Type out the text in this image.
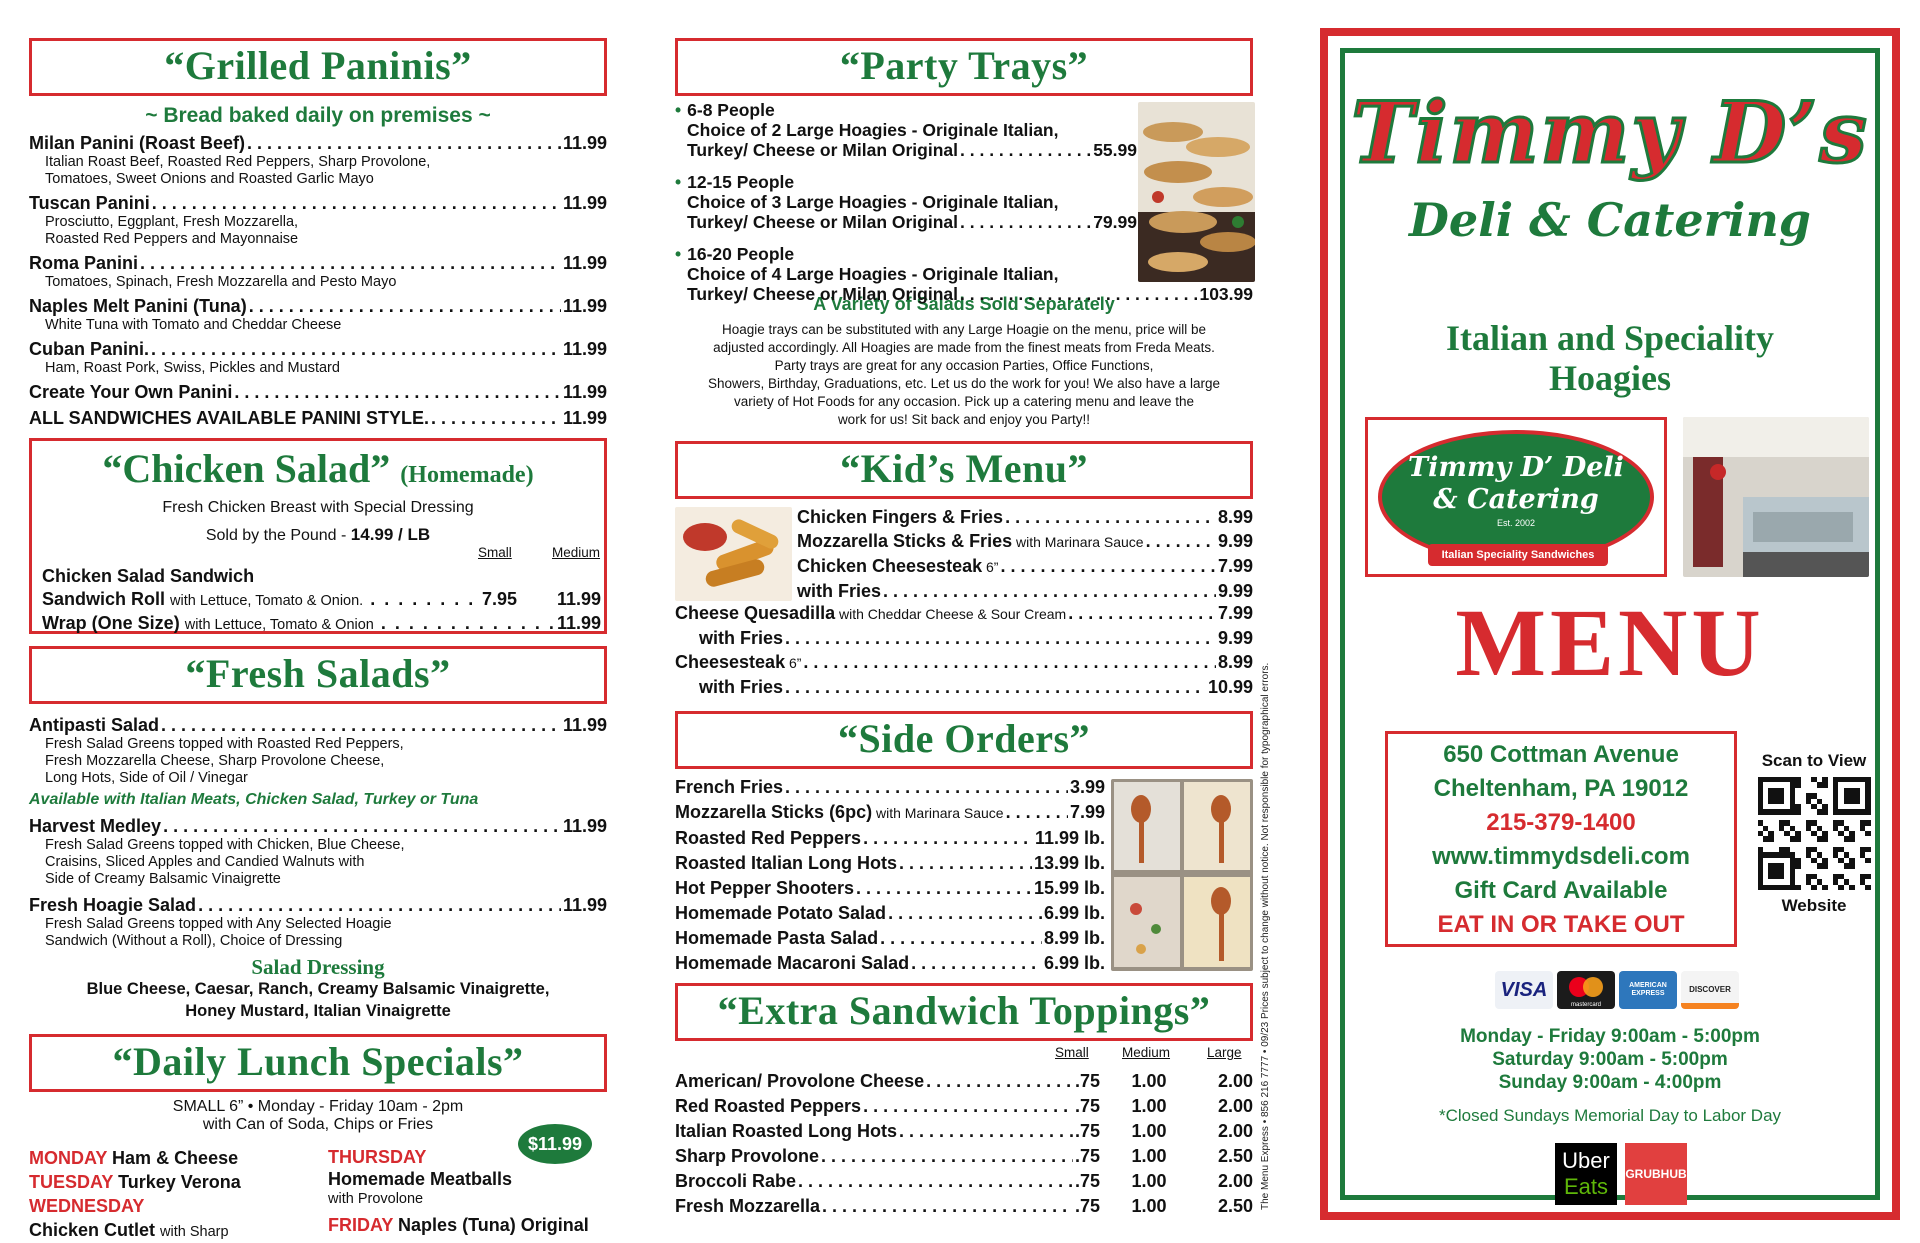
“Grilled Paninis”
~ Bread baked daily on premises ~
Milan Panini (Roast Beef) . . .	11.99
Italian Roast Beef, Roasted Red Peppers, Sharp Provolone,
Tomatoes, Sweet Onions and Roasted Garlic Mayo
Tuscan Panini . . .	11.99
Prosciutto, Eggplant, Fresh Mozzarella,
Roasted Red Peppers and Mayonnaise
Roma Panini . . .	11.99
Tomatoes, Spinach, Fresh Mozzarella and Pesto Mayo
Naples Melt Panini (Tuna) . . .	11.99
White Tuna with Tomato and Cheddar Cheese
Cuban Panini. . . .	11.99
Ham, Roast Pork, Swiss, Pickles and Mustard
Create Your Own Panini . . .	11.99
ALL SANDWICHES AVAILABLE PANINI STYLE. . . .	11.99
“Chicken Salad” (Homemade)
Fresh Chicken Breast with Special Dressing
Sold by the Pound - 14.99 / LB
Small	Medium
Chicken Salad Sandwich
Sandwich Roll with Lettuce, Tomato & Onion. . . . . . . . . 7.95 11.99
Wrap (One Size) with Lettuce, Tomato & Onion . . . . . . . . . . . . . 11.99
“Fresh Salads”
Antipasti Salad . . .	11.99
Fresh Salad Greens topped with Roasted Red Peppers,
Fresh Mozzarella Cheese, Sharp Provolone Cheese,
Long Hots, Side of Oil / Vinegar
Available with Italian Meats, Chicken Salad, Turkey or Tuna
Harvest Medley . . .	11.99
Fresh Salad Greens topped with Chicken, Blue Cheese,
Craisins, Sliced Apples and Candied Walnuts with
Side of Creamy Balsamic Vinaigrette
Fresh Hoagie Salad . . .	11.99
Fresh Salad Greens topped with Any Selected Hoagie
Sandwich (Without a Roll), Choice of Dressing
Salad Dressing
Blue Cheese, Caesar, Ranch, Creamy Balsamic Vinaigrette,
Honey Mustard, Italian Vinaigrette
“Daily Lunch Specials”
SMALL 6” • Monday - Friday 10am - 2pm
with Can of Soda, Chips or Fries
$11.99
MONDAY Ham & Cheese
TUESDAY Turkey Verona
WEDNESDAY
Chicken Cutlet with Sharp
THURSDAY
Homemade Meatballs
with Provolone
FRIDAY Naples (Tuna) Original
“Party Trays”
• 6-8 People
Choice of 2 Large Hoagies - Originale Italian,
Turkey/ Cheese or Milan Original . . .	55.99
• 12-15 People
Choice of 3 Large Hoagies - Originale Italian,
Turkey/ Cheese or Milan Original . . .	79.99
• 16-20 People
Choice of 4 Large Hoagies - Originale Italian,
Turkey/ Cheese or Milan Original . . .	103.99
A Variety of Salads Sold Separately
Hoagie trays can be substituted with any Large Hoagie on the menu, price will be
adjusted accordingly. All Hoagies are made from the finest meats from Freda Meats.
Party trays are great for any occasion Parties, Office Functions,
Showers, Birthday, Graduations, etc. Let us do the work for you! We also have a large
variety of Hot Foods for any occasion. Pick up a catering menu and leave the
work for us! Sit back and enjoy you Party!!
“Kid’s Menu”
Chicken Fingers & Fries . . .	8.99
Mozzarella Sticks & Fries with Marinara Sauce . . .	9.99
Chicken Cheesesteak 6” . . .	7.99
with Fries . . .	9.99
Cheese Quesadilla with Cheddar Cheese & Sour Cream . . .	7.99
with Fries . . .	9.99
Cheesesteak 6” . . .	8.99
with Fries . . .	10.99
“Side Orders”
French Fries . . .	3.99
Mozzarella Sticks (6pc) with Marinara Sauce . . .	7.99
Roasted Red Peppers . . .	11.99 lb.
Roasted Italian Long Hots . . .	13.99 lb.
Hot Pepper Shooters . . .	15.99 lb.
Homemade Potato Salad . . .	6.99 lb.
Homemade Pasta Salad . . .	8.99 lb.
Homemade Macaroni Salad . . .	6.99 lb.
“Extra Sandwich Toppings”
Small Medium	Large
American/ Provolone Cheese . . .	.75	1.00	2.00
Red Roasted Peppers . . .	.75	1.00	2.00
Italian Roasted Long Hots . . .	.75	1.00	2.00
Sharp Provolone . . .	.75	1.00	2.50
Broccoli Rabe . . .	.75	1.00	2.00
Fresh Mozzarella . . .	.75	1.00	2.50 The Menu Express • 856 216 7777 • 09/23 Prices subject to change without notice. Not responsible for typographical errors.
Timmy D’s
Deli & Catering
Italian and Speciality
Hoagies
Timmy D’ Deli
& Catering
Est. 2002
Italian Speciality Sandwiches
MENU
650 Cottman Avenue
Cheltenham, PA 19012
215-379-1400
www.timmydsdeli.com
Gift Card Available
EAT IN OR TAKE OUT
Scan to View
Website
VISA
mastercard
AMERICAN EXPRESS	DISCOVER
Monday - Friday 9:00am - 5:00pm
Saturday 9:00am - 5:00pm
Sunday 9:00am - 4:00pm
*Closed Sundays Memorial Day to Labor Day
Uber
Eats	GRUBHUB
